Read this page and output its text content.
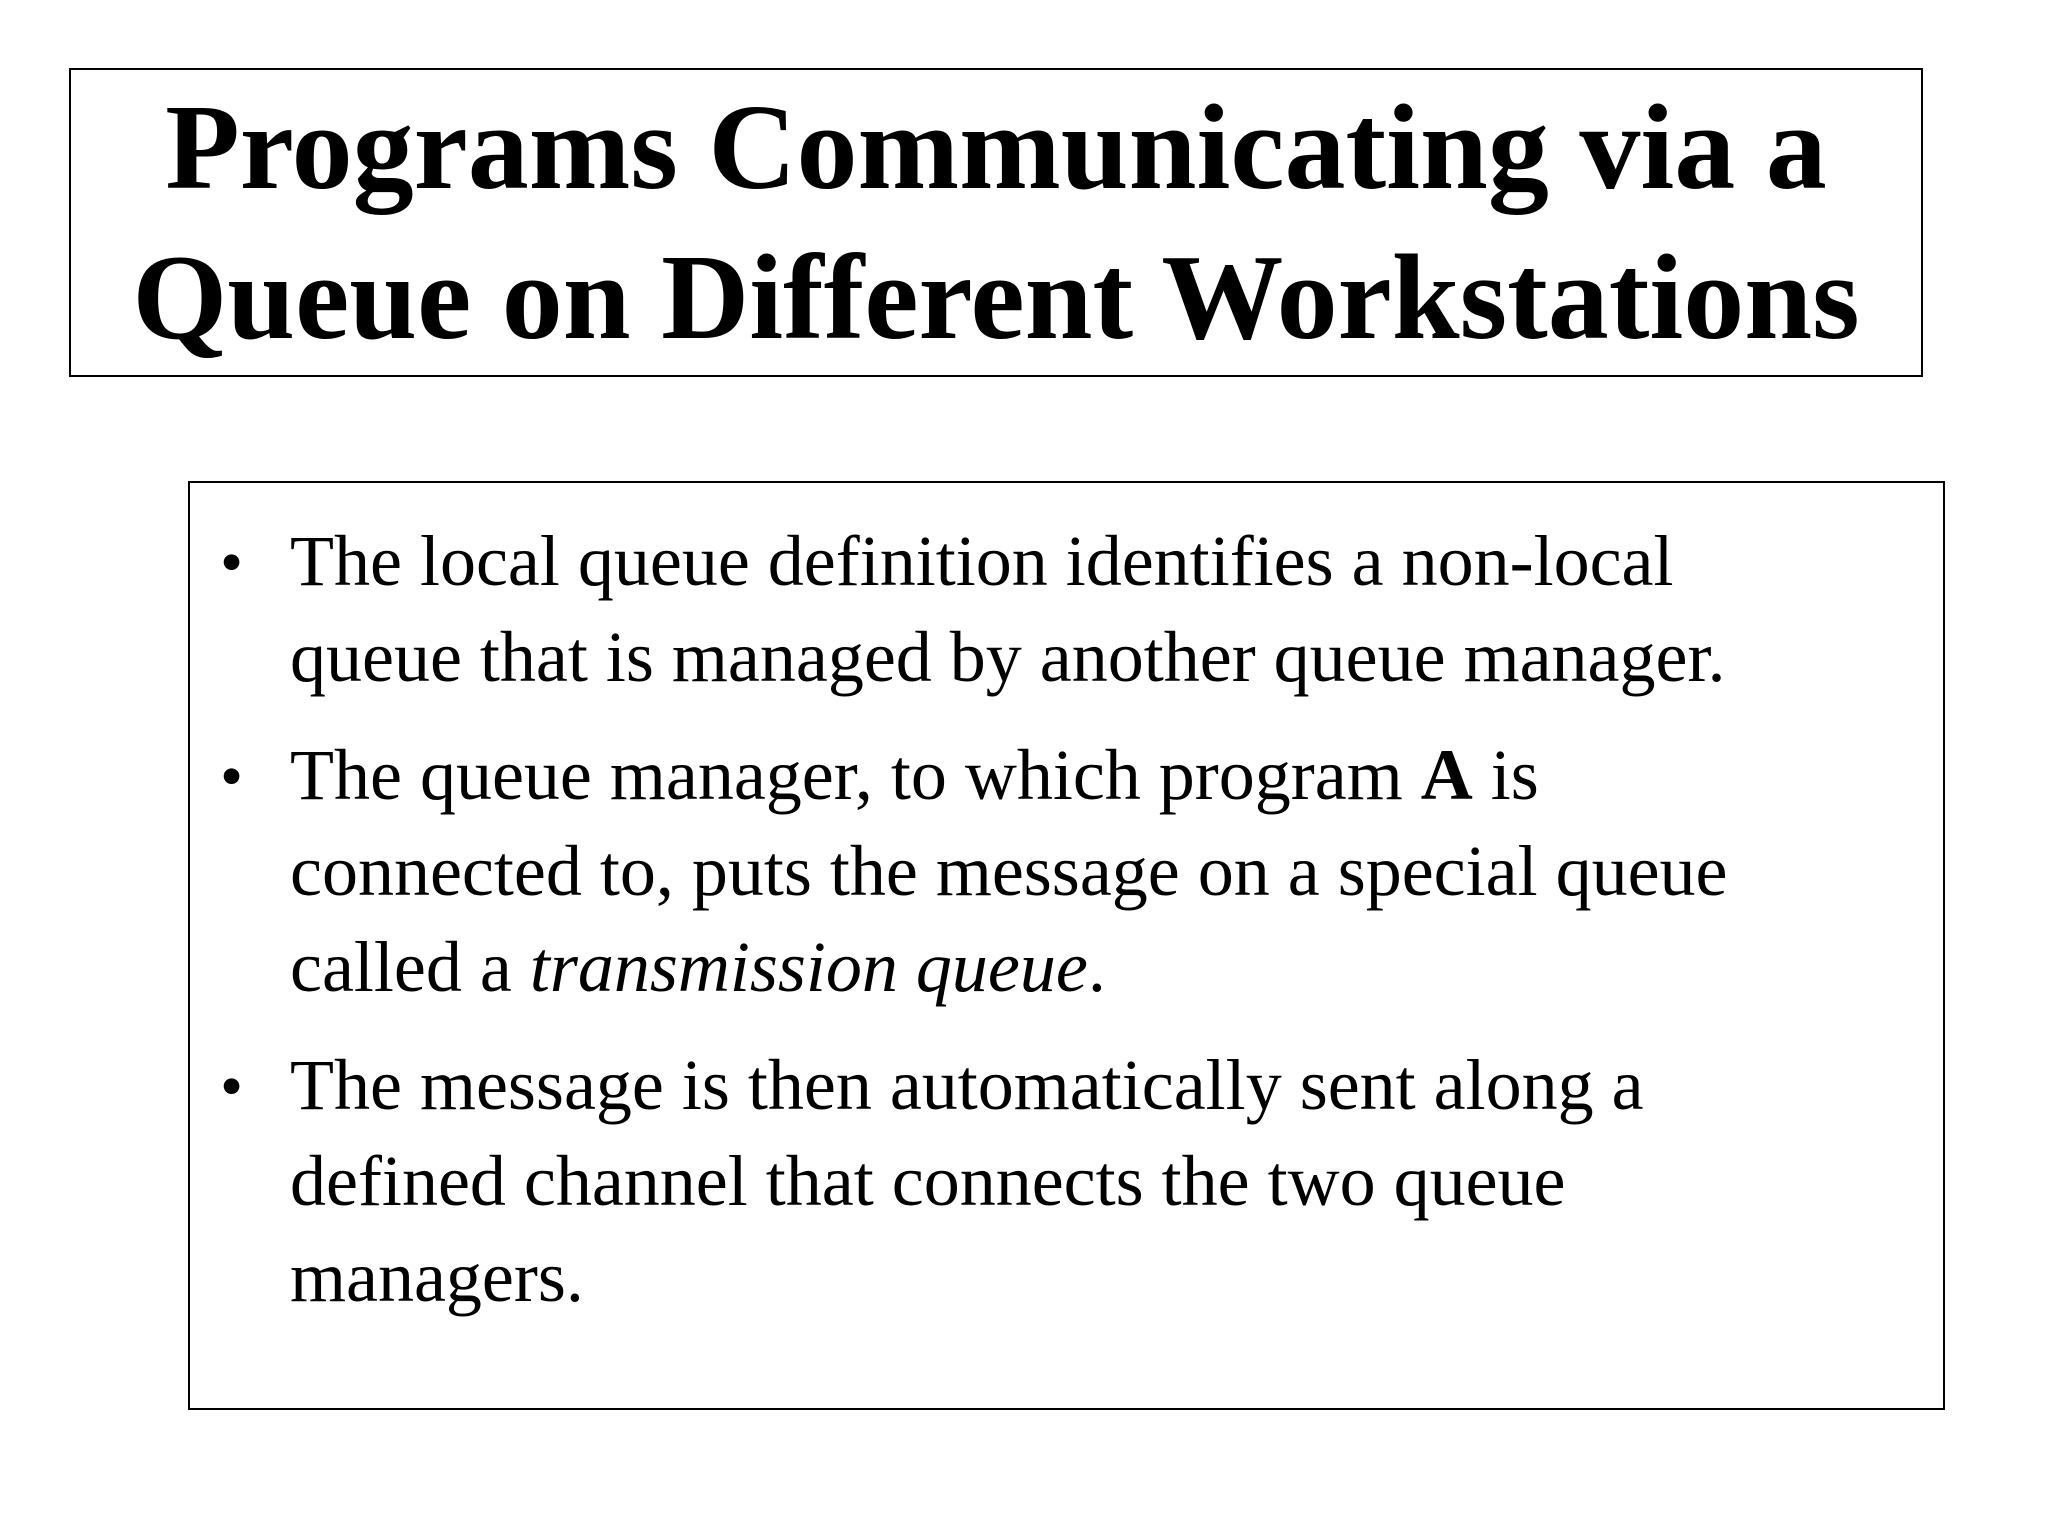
Programs Communicating via a
Queue on Different Workstations
• The local queue definition identifies a non-local
queue that is managed by another queue manager.
• The queue manager, to which program A is
connected to, puts the message on a special queue
called a transmission queue.
• The message is then automatically sent along a
defined channel that connects the two queue
managers.
